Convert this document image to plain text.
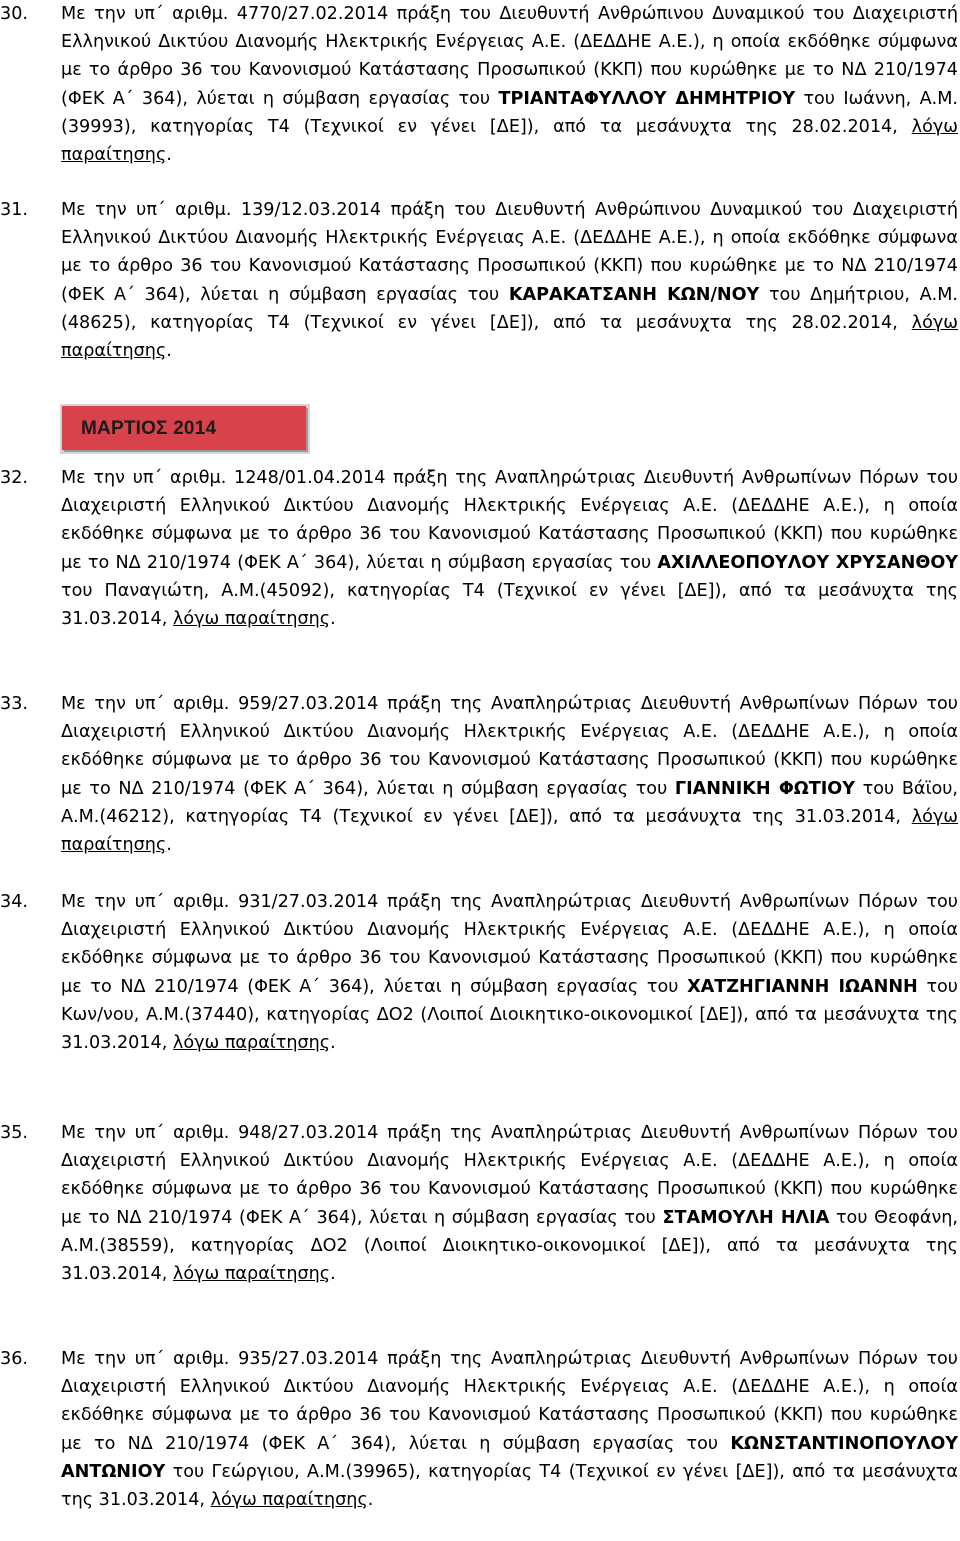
30. Με την υπ΄ αριθμ. 4770/27.02.2014 πράξη του Διευθυντή Ανθρώπινου Δυναμικού του Διαχειριστή Ελληνικού Δικτύου Διανομής Ηλεκτρικής Ενέργειας Α.Ε. (ΔΕΔΔΗΕ Α.Ε.), η οποία εκδόθηκε σύμφωνα με το άρθρο 36 του Κανονισμού Κατάστασης Προσωπικού (ΚΚΠ) που κυρώθηκε με το ΝΔ 210/1974 (ΦΕΚ Α΄ 364), λύεται η σύμβαση εργασίας του ΤΡΙΑΝΤΑΦΥΛΛΟΥ ΔΗΜΗΤΡΙΟΥ του Ιωάννη, Α.Μ.(39993), κατηγορίας Τ4 (Τεχνικοί εν γένει [ΔΕ]), από τα μεσάνυχτα της 28.02.2014, λόγω παραίτησης.
31. Με την υπ΄ αριθμ. 139/12.03.2014 πράξη του Διευθυντή Ανθρώπινου Δυναμικού του Διαχειριστή Ελληνικού Δικτύου Διανομής Ηλεκτρικής Ενέργειας Α.Ε. (ΔΕΔΔΗΕ Α.Ε.), η οποία εκδόθηκε σύμφωνα με το άρθρο 36 του Κανονισμού Κατάστασης Προσωπικού (ΚΚΠ) που κυρώθηκε με το ΝΔ 210/1974 (ΦΕΚ Α΄ 364), λύεται η σύμβαση εργασίας του ΚΑΡΑΚΑΤΣΑΝΗ ΚΩΝ/ΝΟΥ του Δημήτριου, Α.Μ.(48625), κατηγορίας Τ4 (Τεχνικοί εν γένει [ΔΕ]), από τα μεσάνυχτα της 28.02.2014, λόγω παραίτησης.
ΜΑΡΤΙΟΣ 2014
32. Με την υπ΄ αριθμ. 1248/01.04.2014 πράξη της Αναπληρώτριας Διευθυντή Ανθρωπίνων Πόρων του Διαχειριστή Ελληνικού Δικτύου Διανομής Ηλεκτρικής Ενέργειας Α.Ε. (ΔΕΔΔΗΕ Α.Ε.), η οποία εκδόθηκε σύμφωνα με το άρθρο 36 του Κανονισμού Κατάστασης Προσωπικού (ΚΚΠ) που κυρώθηκε με το ΝΔ 210/1974 (ΦΕΚ Α΄ 364), λύεται η σύμβαση εργασίας του ΑΧΙΛΛΕΟΠΟΥΛΟΥ ΧΡΥΣΑΝΘΟΥ του Παναγιώτη, Α.Μ.(45092), κατηγορίας Τ4 (Τεχνικοί εν γένει [ΔΕ]), από τα μεσάνυχτα της 31.03.2014, λόγω παραίτησης.
33. Με την υπ΄ αριθμ. 959/27.03.2014 πράξη της Αναπληρώτριας Διευθυντή Ανθρωπίνων Πόρων του Διαχειριστή Ελληνικού Δικτύου Διανομής Ηλεκτρικής Ενέργειας Α.Ε. (ΔΕΔΔΗΕ Α.Ε.), η οποία εκδόθηκε σύμφωνα με το άρθρο 36 του Κανονισμού Κατάστασης Προσωπικού (ΚΚΠ) που κυρώθηκε με το ΝΔ 210/1974 (ΦΕΚ Α΄ 364), λύεται η σύμβαση εργασίας του ΓΙΑΝΝΙΚΗ ΦΩΤΙΟΥ του Βάϊου, Α.Μ.(46212), κατηγορίας Τ4 (Τεχνικοί εν γένει [ΔΕ]), από τα μεσάνυχτα της 31.03.2014, λόγω παραίτησης.
34. Με την υπ΄ αριθμ. 931/27.03.2014 πράξη της Αναπληρώτριας Διευθυντή Ανθρωπίνων Πόρων του Διαχειριστή Ελληνικού Δικτύου Διανομής Ηλεκτρικής Ενέργειας Α.Ε. (ΔΕΔΔΗΕ Α.Ε.), η οποία εκδόθηκε σύμφωνα με το άρθρο 36 του Κανονισμού Κατάστασης Προσωπικού (ΚΚΠ) που κυρώθηκε με το ΝΔ 210/1974 (ΦΕΚ Α΄ 364), λύεται η σύμβαση εργασίας του ΧΑΤΖΗΓΙΑΝΝΗ ΙΩΑΝΝΗ του Κων/νου, Α.Μ.(37440), κατηγορίας ΔΟ2 (Λοιποί Διοικητικο-οικονομικοί [ΔΕ]), από τα μεσάνυχτα της 31.03.2014, λόγω παραίτησης.
35. Με την υπ΄ αριθμ. 948/27.03.2014 πράξη της Αναπληρώτριας Διευθυντή Ανθρωπίνων Πόρων του Διαχειριστή Ελληνικού Δικτύου Διανομής Ηλεκτρικής Ενέργειας Α.Ε. (ΔΕΔΔΗΕ Α.Ε.), η οποία εκδόθηκε σύμφωνα με το άρθρο 36 του Κανονισμού Κατάστασης Προσωπικού (ΚΚΠ) που κυρώθηκε με το ΝΔ 210/1974 (ΦΕΚ Α΄ 364), λύεται η σύμβαση εργασίας του ΣΤΑΜΟΥΛΗ ΗΛΙΑ του Θεοφάνη, Α.Μ.(38559), κατηγορίας ΔΟ2 (Λοιποί Διοικητικο-οικονομικοί [ΔΕ]), από τα μεσάνυχτα της 31.03.2014, λόγω παραίτησης.
36. Με την υπ΄ αριθμ. 935/27.03.2014 πράξη της Αναπληρώτριας Διευθυντή Ανθρωπίνων Πόρων του Διαχειριστή Ελληνικού Δικτύου Διανομής Ηλεκτρικής Ενέργειας Α.Ε. (ΔΕΔΔΗΕ Α.Ε.), η οποία εκδόθηκε σύμφωνα με το άρθρο 36 του Κανονισμού Κατάστασης Προσωπικού (ΚΚΠ) που κυρώθηκε με το ΝΔ 210/1974 (ΦΕΚ Α΄ 364), λύεται η σύμβαση εργασίας του ΚΩΝΣΤΑΝΤΙΝΟΠΟΥΛΟΥ ΑΝΤΩΝΙΟΥ του Γεώργιου, Α.Μ.(39965), κατηγορίας Τ4 (Τεχνικοί εν γένει [ΔΕ]), από τα μεσάνυχτα της 31.03.2014, λόγω παραίτησης.
